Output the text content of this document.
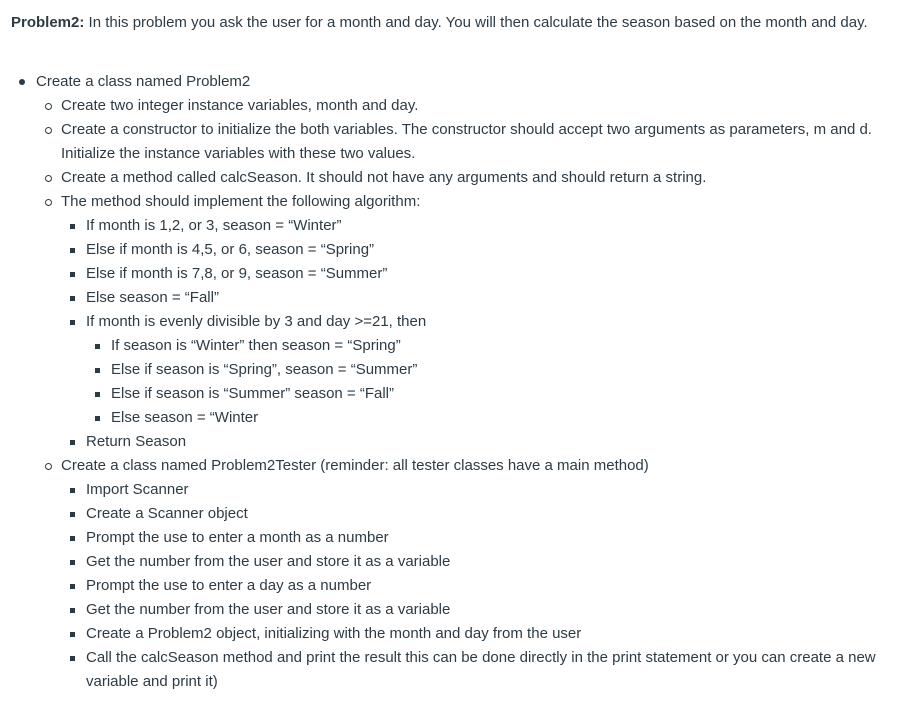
Problem2: In this problem you ask the user for a month and day. You will then calculate the season based on the month and day.

Create a class named Problem2
Create two integer instance variables, month and day.
Create a constructor to initialize the both variables. The constructor should accept two arguments as parameters, m and d. Initialize the instance variables with these two values.
Create a method called calcSeason. It should not have any arguments and should return a string.
The method should implement the following algorithm:
If month is 1,2, or 3, season = “Winter”
Else if month is 4,5, or 6, season = “Spring”
Else if month is 7,8, or 9, season = “Summer”
Else season = “Fall”
If month is evenly divisible by 3 and day >=21, then
If season is “Winter” then season = “Spring”
Else if season is “Spring”, season = “Summer”
Else if season is “Summer” season = “Fall”
Else season = “Winter
Return Season
Create a class named Problem2Tester (reminder: all tester classes have a main method)
Import Scanner
Create a Scanner object
Prompt the use to enter a month as a number
Get the number from the user and store it as a variable
Prompt the use to enter a day as a number
Get the number from the user and store it as a variable
Create a Problem2 object, initializing with the month and day from the user
Call the calcSeason method and print the result this can be done directly in the print statement or you can create a new variable and print it)
